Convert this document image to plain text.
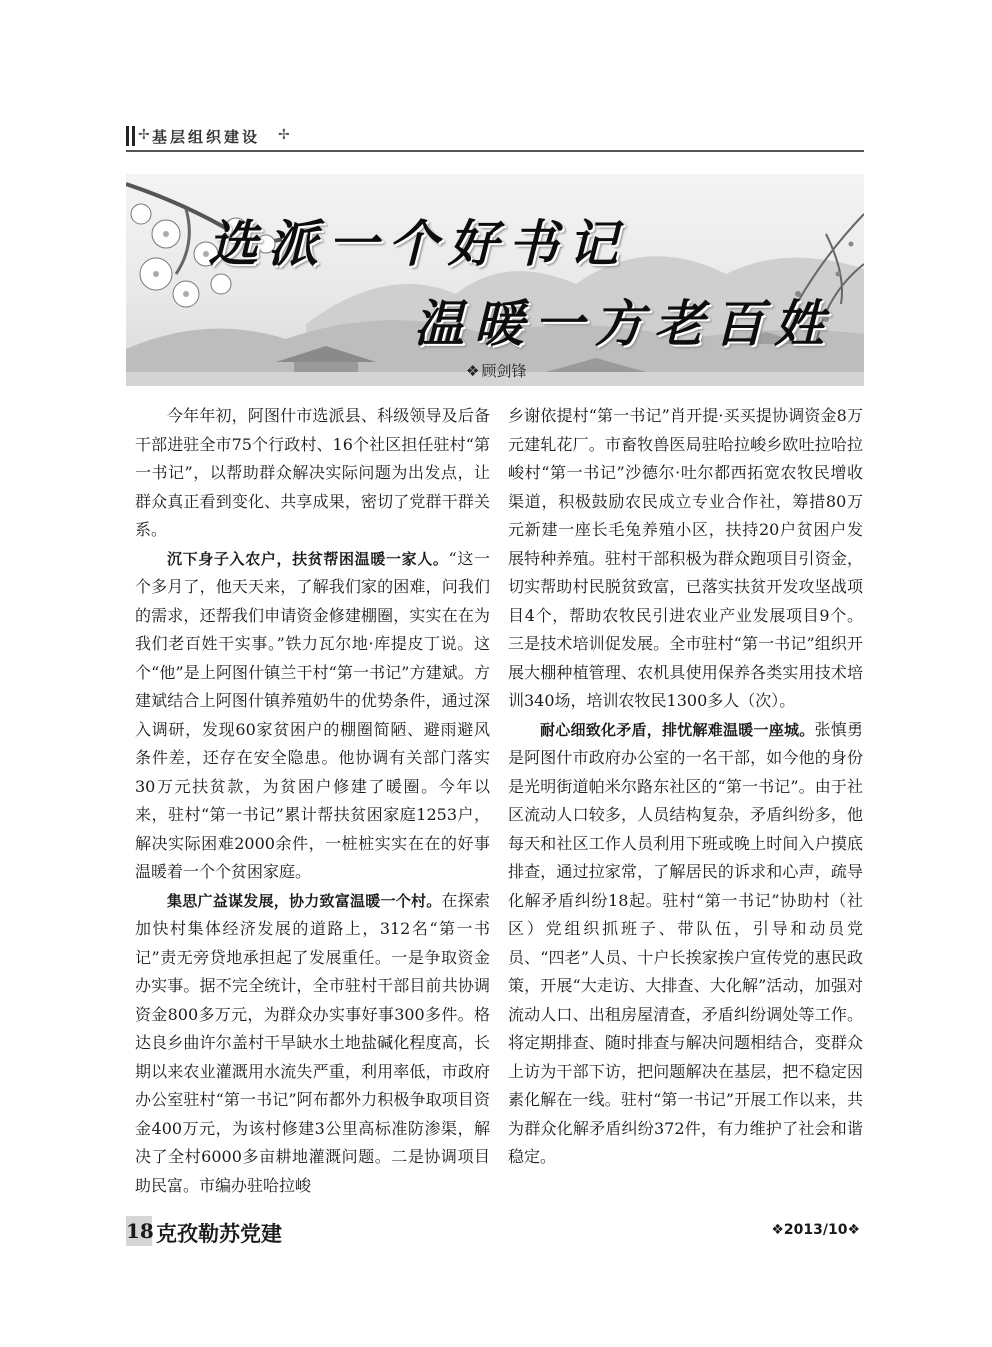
✢ 基层组织建设 ✢
选派一个好书记
温暖一方老百姓
❖ 顾剑锋

今年年初，阿图什市选派县、科级领导及后备干部进驻全市75个行政村、16个社区担任驻村“第一书记”，以帮助群众解决实际问题为出发点，让群众真正看到变化、共享成果，密切了党群干群关系。

沉下身子入农户，扶贫帮困温暖一家人。“这一个多月了，他天天来，了解我们家的困难，问我们的需求，还帮我们申请资金修建棚圈，实实在在为我们老百姓干实事。”铁力瓦尔地·库提皮丁说。这个“他”是上阿图什镇兰干村“第一书记”方建斌。方建斌结合上阿图什镇养殖奶牛的优势条件，通过深入调研，发现60家贫困户的棚圈简陋、避雨避风条件差，还存在安全隐患。他协调有关部门落实30万元扶贫款，为贫困户修建了暖圈。今年以来，驻村“第一书记”累计帮扶贫困家庭1253户，解决实际困难2000余件，一桩桩实实在在的好事温暖着一个个贫困家庭。

集思广益谋发展，协力致富温暖一个村。在探索加快村集体经济发展的道路上，312名“第一书记”责无旁贷地承担起了发展重任。一是争取资金办实事。据不完全统计，全市驻村干部目前共协调资金800多万元，为群众办实事好事300多件。格达良乡曲许尔盖村干旱缺水土地盐碱化程度高，长期以来农业灌溉用水流失严重，利用率低，市政府办公室驻村“第一书记”阿布都外力积极争取项目资金400万元，为该村修建3公里高标准防渗渠，解决了全村6000多亩耕地灌溉问题。二是协调项目助民富。市编办驻哈拉峻

乡谢依提村“第一书记”肖开提·买买提协调资金8万元建轧花厂。市畜牧兽医局驻哈拉峻乡欧吐拉哈拉峻村“第一书记”沙德尔·吐尔都西拓宽农牧民增收渠道，积极鼓励农民成立专业合作社，筹措80万元新建一座长毛兔养殖小区，扶持20户贫困户发展特种养殖。驻村干部积极为群众跑项目引资金，切实帮助村民脱贫致富，已落实扶贫开发攻坚战项目4个，帮助农牧民引进农业产业发展项目9个。三是技术培训促发展。全市驻村“第一书记”组织开展大棚种植管理、农机具使用保养各类实用技术培训340场，培训农牧民1300多人（次）。

耐心细致化矛盾，排忧解难温暖一座城。张慎勇是阿图什市政府办公室的一名干部，如今他的身份是光明街道帕米尔路东社区的“第一书记”。由于社区流动人口较多，人员结构复杂，矛盾纠纷多，他每天和社区工作人员利用下班或晚上时间入户摸底排查，通过拉家常，了解居民的诉求和心声，疏导化解矛盾纠纷18起。驻村“第一书记”协助村（社区）党组织抓班子、带队伍，引导和动员党员、“四老”人员、十户长挨家挨户宣传党的惠民政策，开展“大走访、大排查、大化解”活动，加强对流动人口、出租房屋清查，矛盾纠纷调处等工作。将定期排查、随时排查与解决问题相结合，变群众上访为干部下访，把问题解决在基层，把不稳定因素化解在一线。驻村“第一书记”开展工作以来，共为群众化解矛盾纠纷372件，有力维护了社会和谐稳定。

18 克孜勒苏党建	❖2013/10❖
